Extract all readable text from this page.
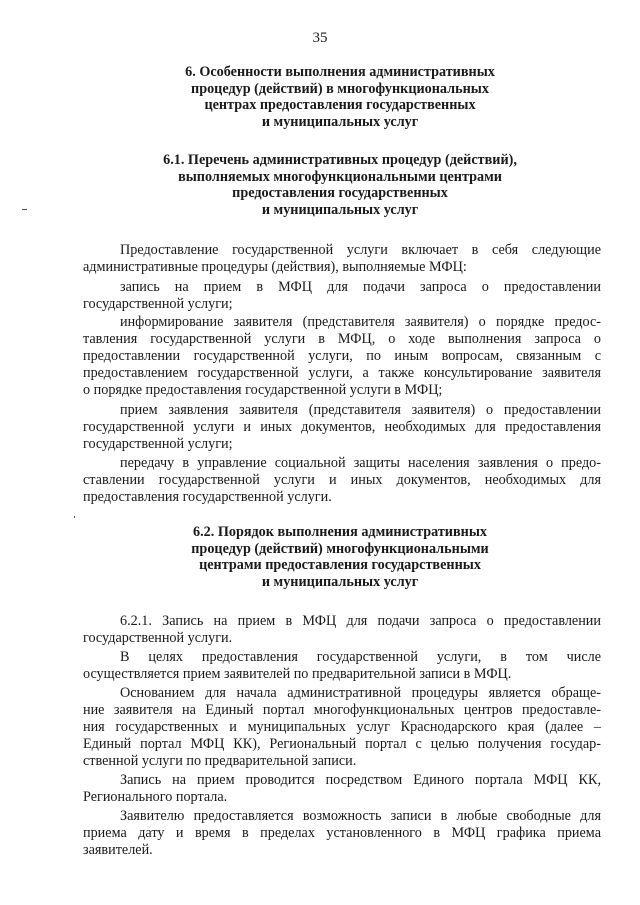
35
6. Особенности выполнения административных
процедур (действий) в многофункциональных
центрах предоставления государственных
и муниципальных услуг
6.1. Перечень административных процедур (действий),
выполняемых многофункциональными центрами
предоставления государственных
и муниципальных услуг

Предоставление государственной услуги включает в себя следующие
административные процедуры (действия), выполняемые МФЦ:

запись на прием в МФЦ для подачи запроса о предоставлении
государственной услуги;

информирование заявителя (представителя заявителя) о порядке предос-
тавления государственной услуги в МФЦ, о ходе выполнения запроса о
предоставлении государственной услуги, по иным вопросам, связанным с
предоставлением государственной услуги, а также консультирование заявителя
о порядке предоставления государственной услуги в МФЦ;

прием заявления заявителя (представителя заявителя) о предоставлении
государственной услуги и иных документов, необходимых для предоставления
государственной услуги;

передачу в управление социальной защиты населения заявления о предо-
ставлении государственной услуги и иных документов, необходимых для
предоставления государственной услуги.

6.2. Порядок выполнения административных
процедур (действий) многофункциональными
центрами предоставления государственных
и муниципальных услуг

6.2.1. Запись на прием в МФЦ для подачи запроса о предоставлении
государственной услуги.

В целях предоставления государственной услуги, в том числе
осуществляется прием заявителей по предварительной записи в МФЦ.

Основанием для начала административной процедуры является обраще-
ние заявителя на Единый портал многофункциональных центров предоставле-
ния государственных и муниципальных услуг Краснодарского края (далее –
Единый портал МФЦ КК), Региональный портал с целью получения государ-
ственной услуги по предварительной записи.

Запись на прием проводится посредством Единого портала МФЦ КК,
Регионального портала.

Заявителю предоставляется возможность записи в любые свободные для
приема дату и время в пределах установленного в МФЦ графика приема
заявителей.
